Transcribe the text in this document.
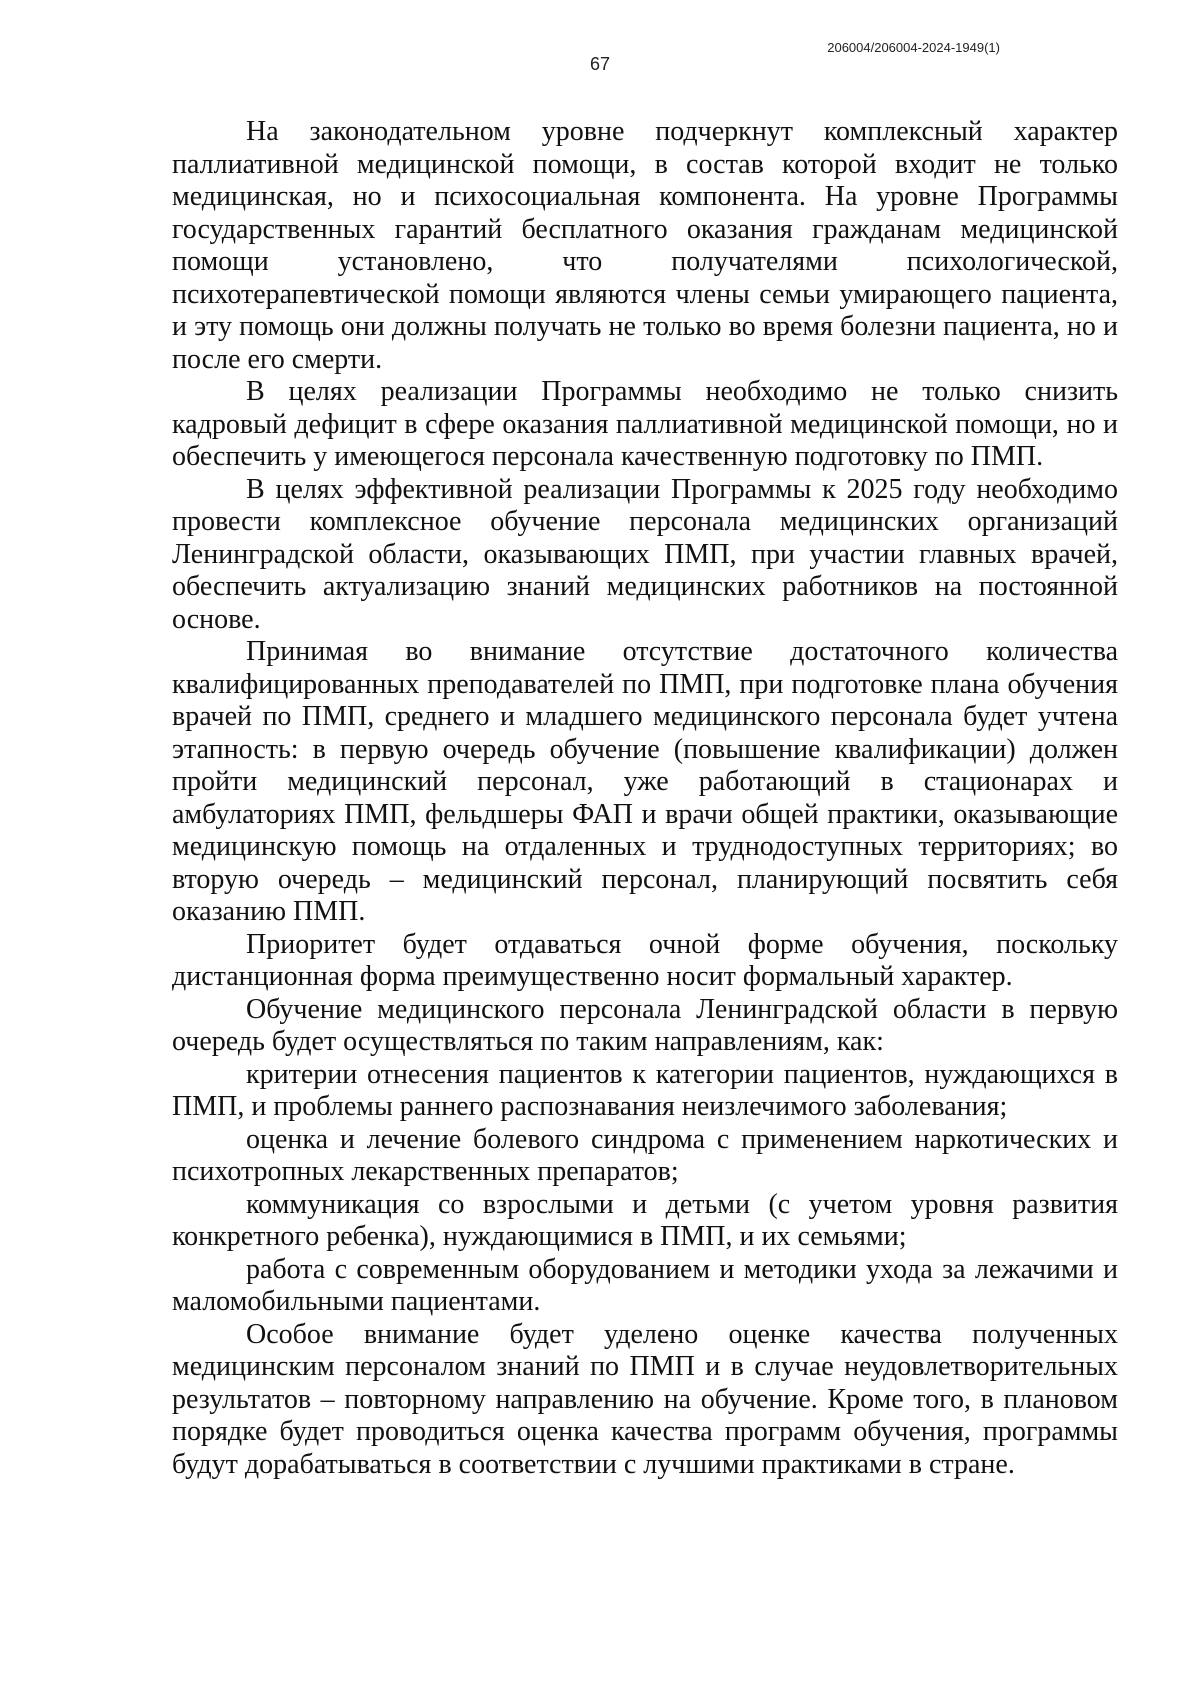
206004/206004-2024-1949(1)
67

На законодательном уровне подчеркнут комплексный характер паллиативной медицинской помощи, в состав которой входит не только медицинская, но и психосоциальная компонента. На уровне Программы государственных гарантий бесплатного оказания гражданам медицинской помощи установлено, что получателями психологической, психотерапевтической помощи являются члены семьи умирающего пациента, и эту помощь они должны получать не только во время болезни пациента, но и после его смерти.

В целях реализации Программы необходимо не только снизить кадровый дефицит в сфере оказания паллиативной медицинской помощи, но и обеспечить у имеющегося персонала качественную подготовку по ПМП.

В целях эффективной реализации Программы к 2025 году необходимо провести комплексное обучение персонала медицинских организаций Ленинградской области, оказывающих ПМП, при участии главных врачей, обеспечить актуализацию знаний медицинских работников на постоянной основе.

Принимая во внимание отсутствие достаточного количества квалифицированных преподавателей по ПМП, при подготовке плана обучения врачей по ПМП, среднего и младшего медицинского персонала будет учтена этапность: в первую очередь обучение (повышение квалификации) должен пройти медицинский персонал, уже работающий в стационарах и амбулаториях ПМП, фельдшеры ФАП и врачи общей практики, оказывающие медицинскую помощь на отдаленных и труднодоступных территориях; во вторую очередь – медицинский персонал, планирующий посвятить себя оказанию ПМП.

Приоритет будет отдаваться очной форме обучения, поскольку дистанционная форма преимущественно носит формальный характер.

Обучение медицинского персонала Ленинградской области в первую очередь будет осуществляться по таким направлениям, как:

критерии отнесения пациентов к категории пациентов, нуждающихся в ПМП, и проблемы раннего распознавания неизлечимого заболевания;

оценка и лечение болевого синдрома с применением наркотических и психотропных лекарственных препаратов;

коммуникация со взрослыми и детьми (с учетом уровня развития конкретного ребенка), нуждающимися в ПМП, и их семьями;

работа с современным оборудованием и методики ухода за лежачими и маломобильными пациентами.

Особое внимание будет уделено оценке качества полученных медицинским персоналом знаний по ПМП и в случае неудовлетворительных результатов – повторному направлению на обучение. Кроме того, в плановом порядке будет проводиться оценка качества программ обучения, программы будут дорабатываться в соответствии с лучшими практиками в стране.
